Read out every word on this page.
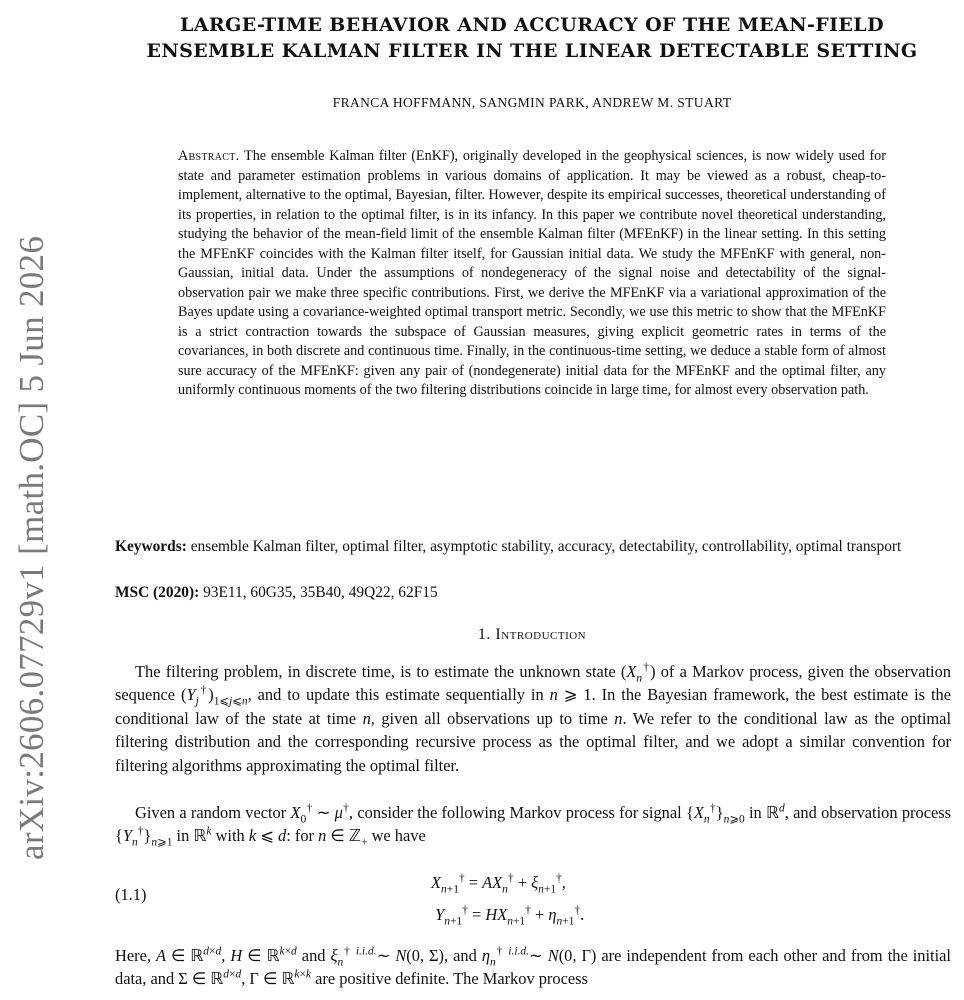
arXiv:2606.07729v1 [math.OC] 5 Jun 2026
LARGE-TIME BEHAVIOR AND ACCURACY OF THE MEAN-FIELD
ENSEMBLE KALMAN FILTER IN THE LINEAR DETECTABLE SETTING
FRANCA HOFFMANN, SANGMIN PARK, ANDREW M. STUART
Abstract. The ensemble Kalman filter (EnKF), originally developed in the geophysical sciences, is now widely used for state and parameter estimation problems in various domains of application. It may be viewed as a robust, cheap-to-implement, alternative to the optimal, Bayesian, filter. However, despite its empirical successes, theoretical understanding of its properties, in relation to the optimal filter, is in its infancy. In this paper we contribute novel theoretical understanding, studying the behavior of the mean-field limit of the ensemble Kalman filter (MFEnKF) in the linear setting. In this setting the MFEnKF coincides with the Kalman filter itself, for Gaussian initial data. We study the MFEnKF with general, non-Gaussian, initial data. Under the assumptions of nondegeneracy of the signal noise and detectability of the signal-observation pair we make three specific contributions. First, we derive the MFEnKF via a variational approximation of the Bayes update using a covariance-weighted optimal transport metric. Secondly, we use this metric to show that the MFEnKF is a strict contraction towards the subspace of Gaussian measures, giving explicit geometric rates in terms of the covariances, in both discrete and continuous time. Finally, in the continuous-time setting, we deduce a stable form of almost sure accuracy of the MFEnKF: given any pair of (nondegenerate) initial data for the MFEnKF and the optimal filter, any uniformly continuous moments of the two filtering distributions coincide in large time, for almost every observation path.
Keywords: ensemble Kalman filter, optimal filter, asymptotic stability, accuracy, detectability, controllability, optimal transport
MSC (2020): 93E11, 60G35, 35B40, 49Q22, 62F15
1. Introduction
The filtering problem, in discrete time, is to estimate the unknown state $(X_n^\dagger)$ of a Markov process, given the observation sequence $(Y_j^\dagger)_{1⩽j⩽n}$, and to update this estimate sequentially in n ⩾ 1. In the Bayesian framework, the best estimate is the conditional law of the state at time n, given all observations up to time n. We refer to the conditional law as the optimal filtering distribution and the corresponding recursive process as the optimal filter, and we adopt a similar convention for filtering algorithms approximating the optimal filter.
Given a random vector $X_0^\dagger$ ∼ μ†, consider the following Markov process for signal $\{X_n^\dagger\}_{n⩾0}$ in ℝ$^d$, and observation process $\{Y_n^\dagger\}_{n⩾1}$ in ℝ$^k$ with k ⩽ d: for n ∈ ℤ$_+$ we have
(1.1)
$X_{n+1}^\dagger = AX_n^\dagger + \xi_{n+1}^\dagger$,
$Y_{n+1}^\dagger = HX_{n+1}^\dagger + \eta_{n+1}^\dagger$.
Here, A ∈ ℝ$^{d\times d}$, H ∈ ℝ$^{k\times d}$ and $\xi_n^\dagger$ $^{i.i.d.}$∼ N(0, Σ), and $\eta_n^\dagger$ $^{i.i.d.}$∼ N(0, Γ) are independent from each other and from the initial data, and Σ ∈ ℝ$^{d\times d}$, Γ ∈ ℝ$^{k\times k}$ are positive definite. The Markov process
